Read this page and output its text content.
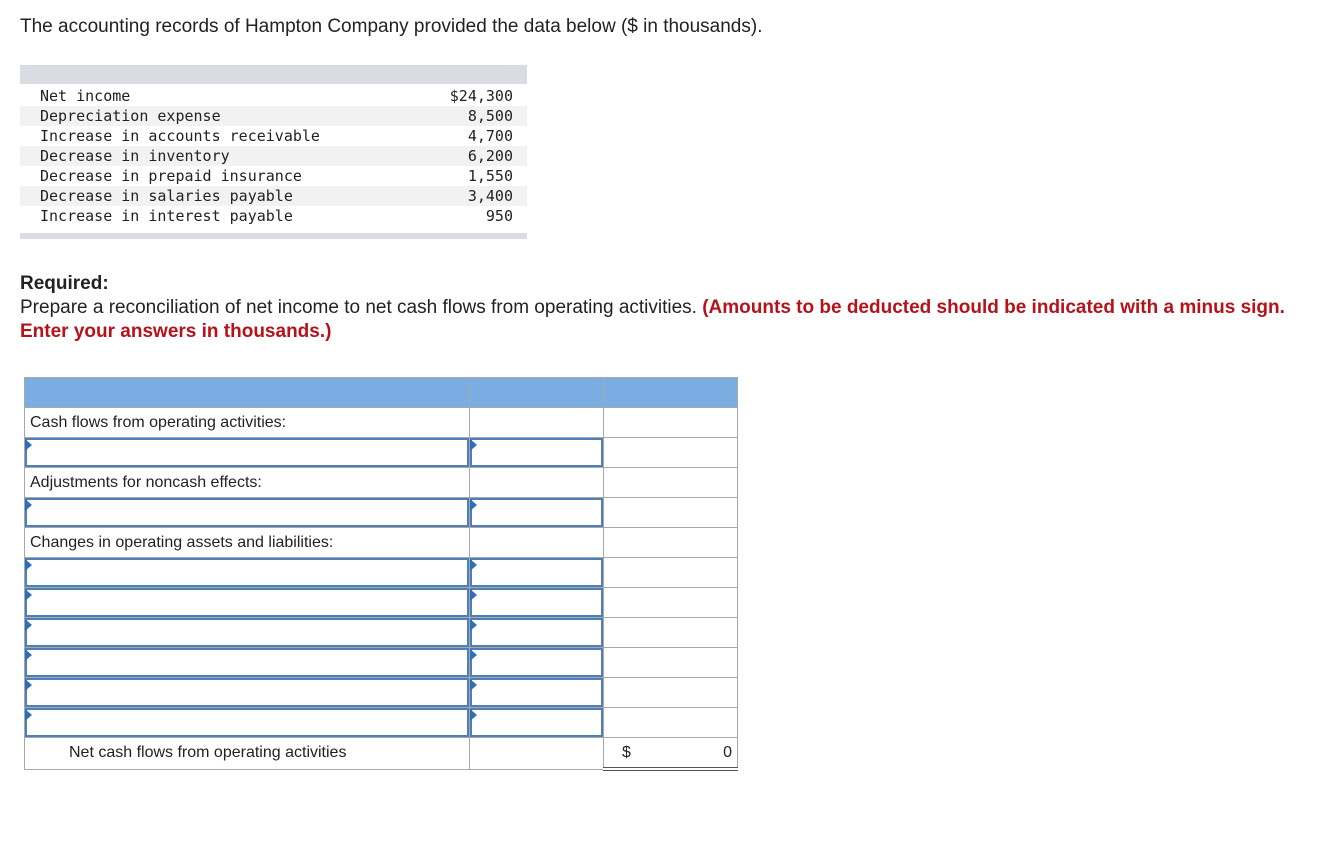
The accounting records of Hampton Company provided the data below ($ in thousands).
Net income	$24,300
Depreciation expense	8,500
Increase in accounts receivable	4,700
Decrease in inventory	6,200
Decrease in prepaid insurance	1,550
Decrease in salaries payable	3,400
Increase in interest payable	950
Required:
Prepare a reconciliation of net income to net cash flows from operating activities. (Amounts to be deducted should be indicated with a minus sign. Enter your answers in thousands.)

Cash flows from operating activities:		

Adjustments for noncash effects:		

Changes in operating assets and liabilities:		

Net cash flows from operating activities		$ 0
